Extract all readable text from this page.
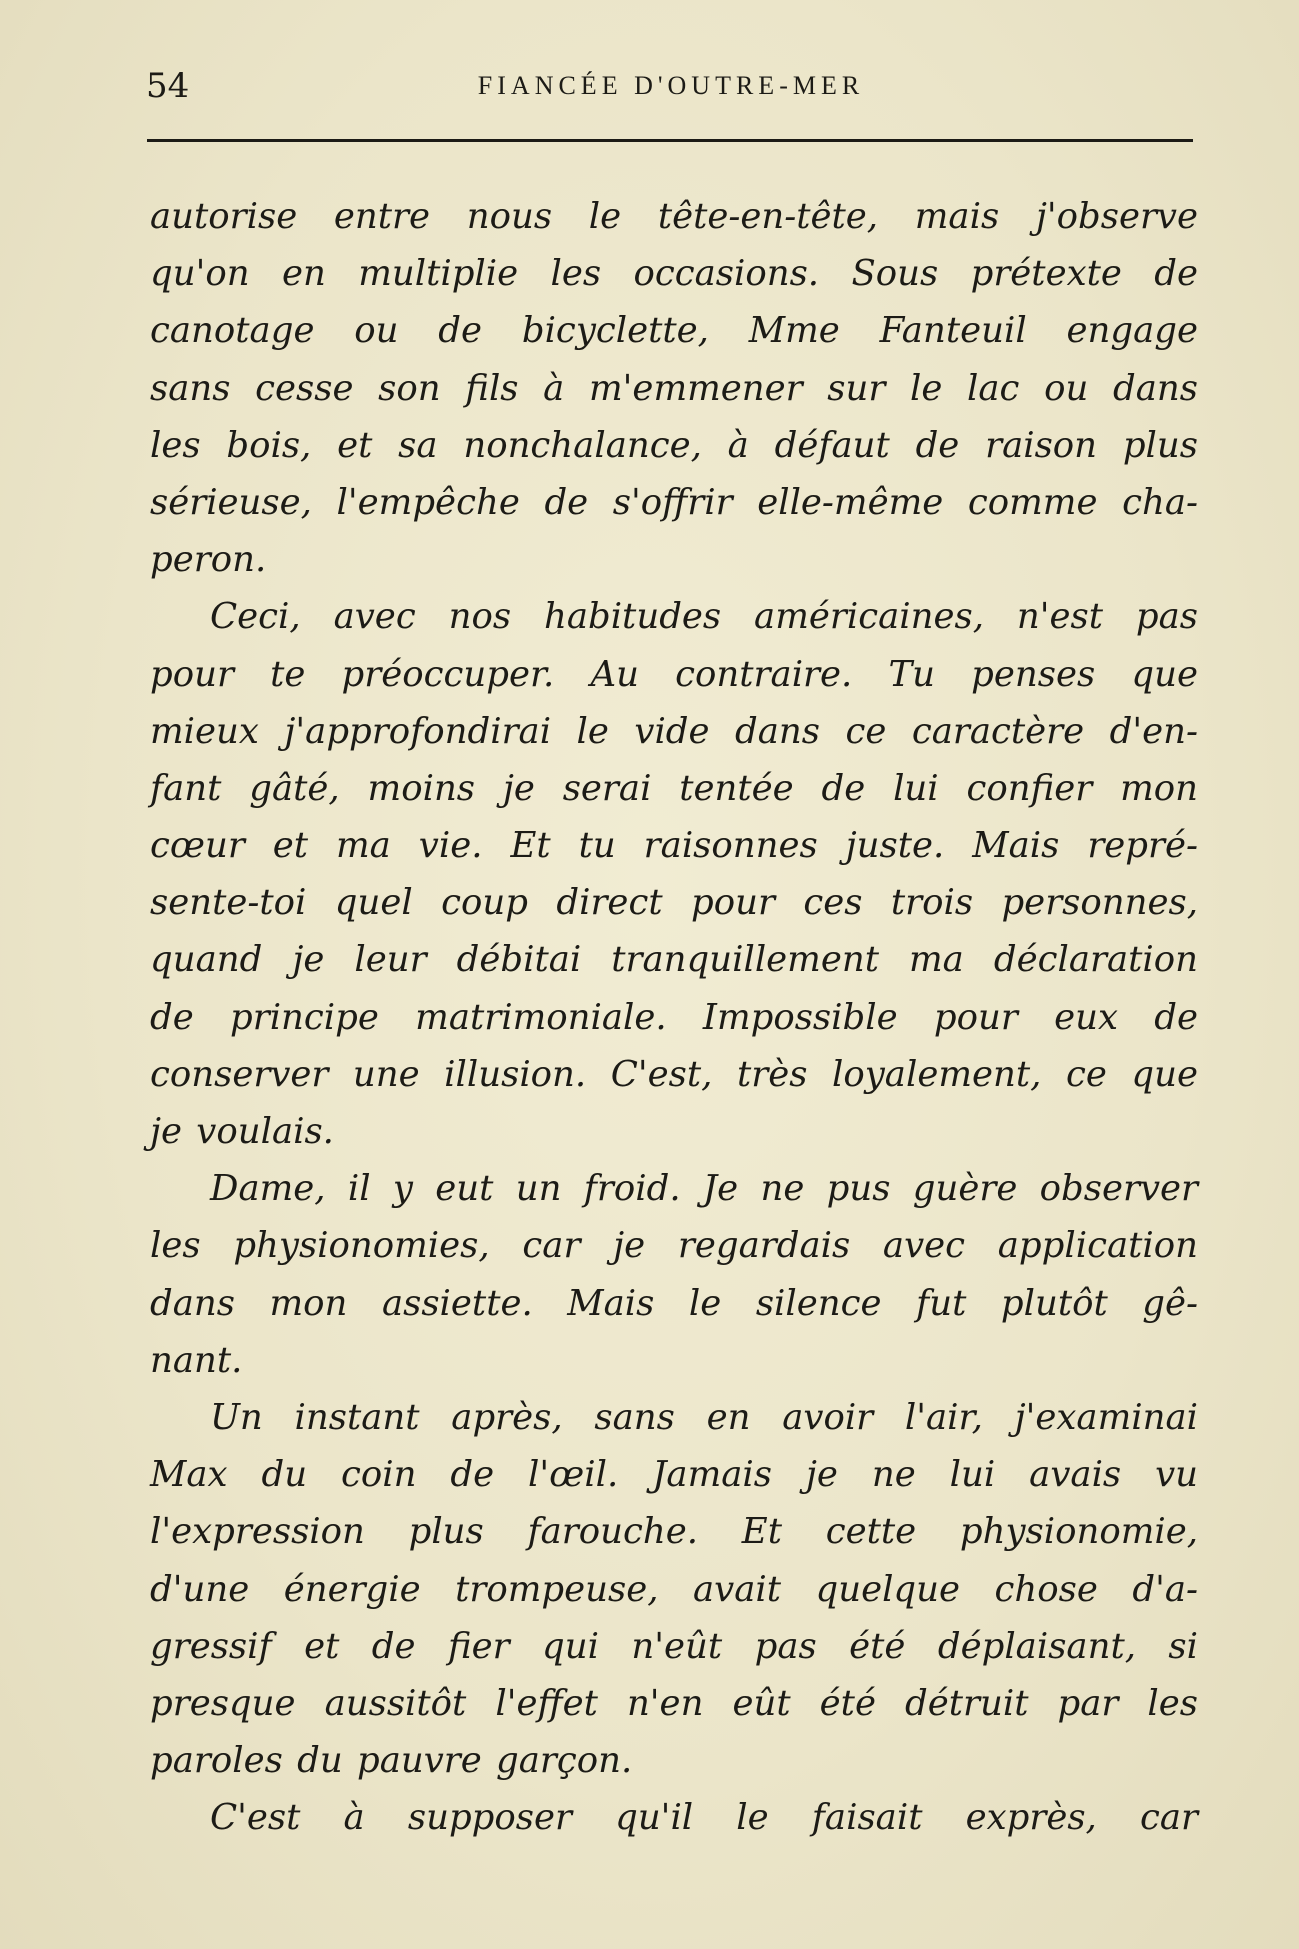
54	FIANCÉE D'OUTRE-MER
autorise entre nous le tête-en-tête, mais j'observe
qu'on en multiplie les occasions. Sous prétexte de
canotage ou de bicyclette, Mme Fanteuil engage
sans cesse son fils à m'emmener sur le lac ou dans
les bois, et sa nonchalance, à défaut de raison plus
sérieuse, l'empêche de s'offrir elle-même comme cha-
peron.
Ceci, avec nos habitudes américaines, n'est pas
pour te préoccuper. Au contraire. Tu penses que
mieux j'approfondirai le vide dans ce caractère d'en-
fant gâté, moins je serai tentée de lui confier mon
cœur et ma vie. Et tu raisonnes juste. Mais repré-
sente-toi quel coup direct pour ces trois personnes,
quand je leur débitai tranquillement ma déclaration
de principe matrimoniale. Impossible pour eux de
conserver une illusion. C'est, très loyalement, ce que
je voulais.
Dame, il y eut un froid. Je ne pus guère observer
les physionomies, car je regardais avec application
dans mon assiette. Mais le silence fut plutôt gê-
nant.
Un instant après, sans en avoir l'air, j'examinai
Max du coin de l'œil. Jamais je ne lui avais vu
l'expression plus farouche. Et cette physionomie,
d'une énergie trompeuse, avait quelque chose d'a-
gressif et de fier qui n'eût pas été déplaisant, si
presque aussitôt l'effet n'en eût été détruit par les
paroles du pauvre garçon.
C'est à supposer qu'il le faisait exprès, car
